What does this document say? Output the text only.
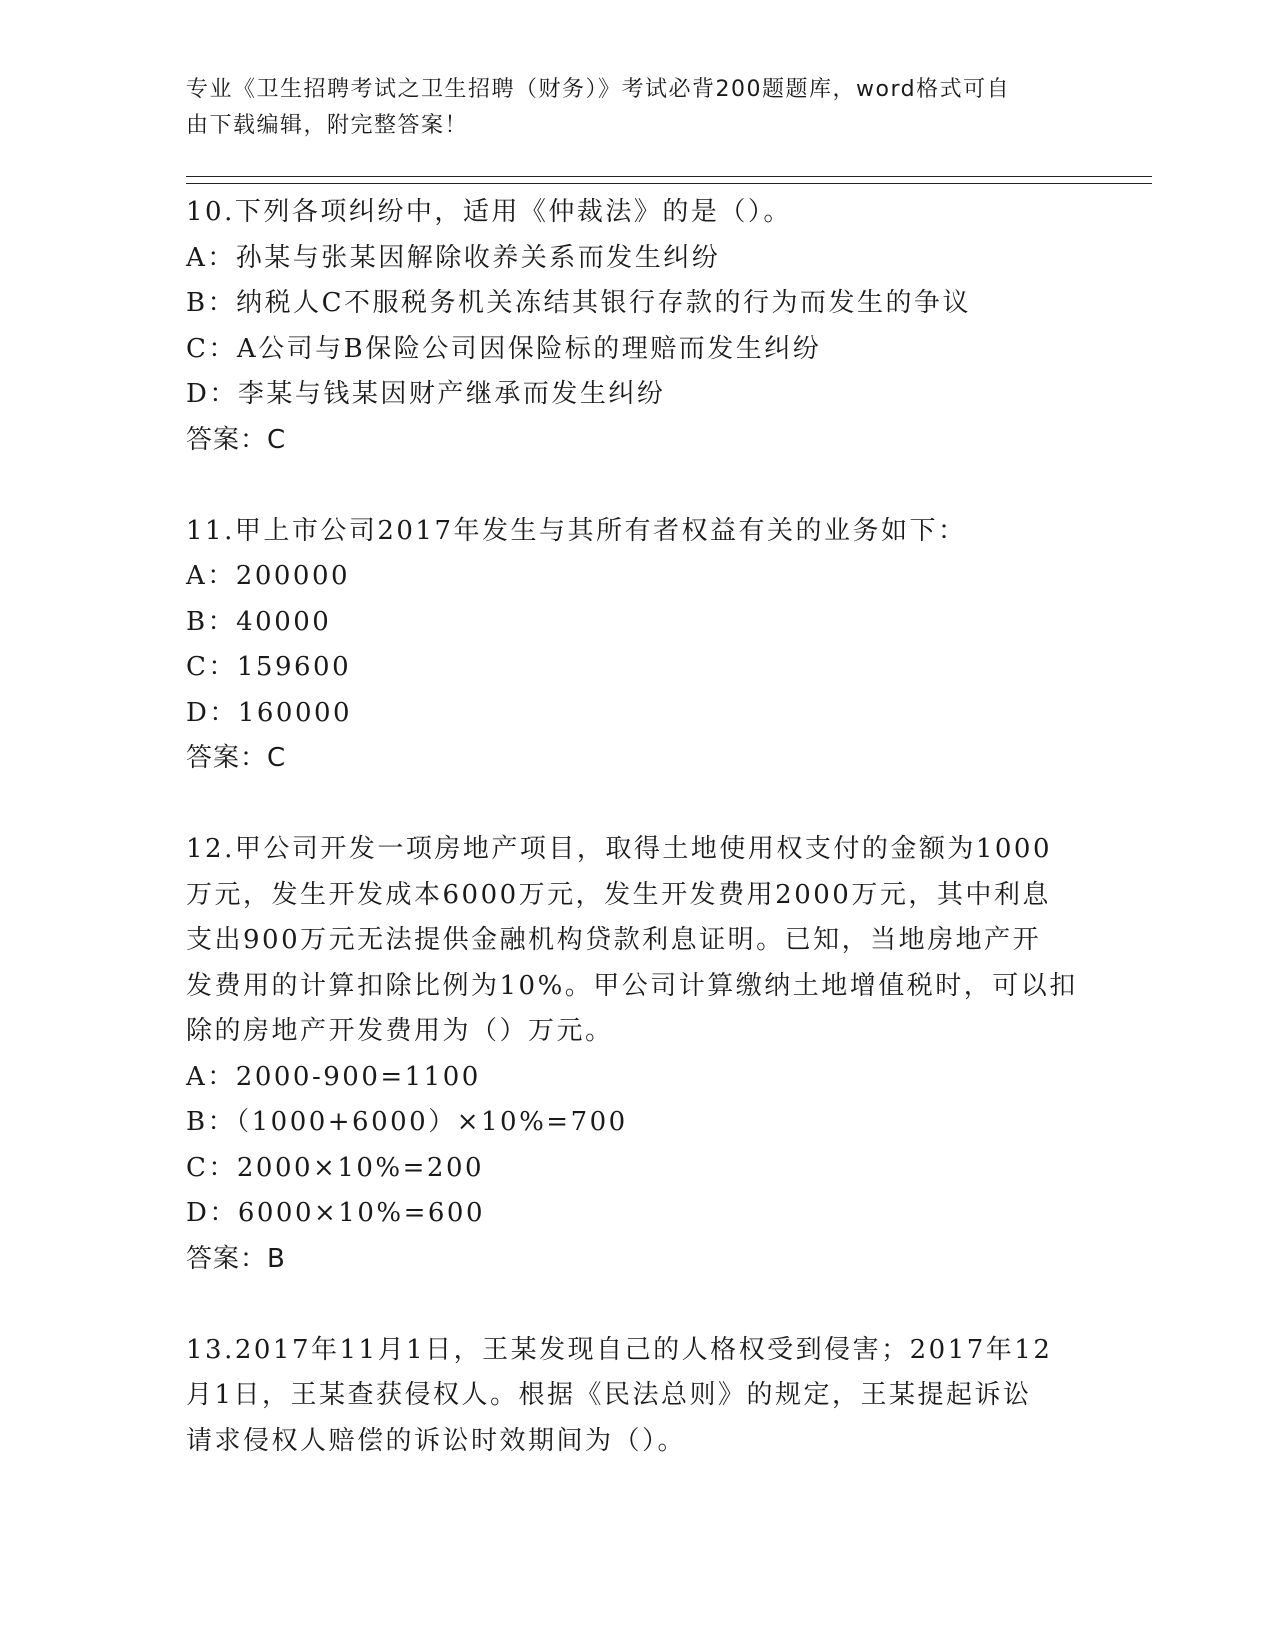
专业《卫生招聘考试之卫生招聘（财务）》考试必背200题题库，word格式可自
由下载编辑，附完整答案！
10.下列各项纠纷中，适用《仲裁法》的是（）。
A：孙某与张某因解除收养关系而发生纠纷
B：纳税人C不服税务机关冻结其银行存款的行为而发生的争议
C：A公司与B保险公司因保险标的理赔而发生纠纷
D：李某与钱某因财产继承而发生纠纷
答案：C
11.甲上市公司2017年发生与其所有者权益有关的业务如下：
A：200000
B：40000
C：159600
D：160000
答案：C
12.甲公司开发一项房地产项目，取得土地使用权支付的金额为1000
万元，发生开发成本6000万元，发生开发费用2000万元，其中利息
支出900万元无法提供金融机构贷款利息证明。已知，当地房地产开
发费用的计算扣除比例为10%。甲公司计算缴纳土地增值税时，可以扣
除的房地产开发费用为（）万元。
A：2000-900=1100
B：（1000+6000）×10%=700
C：2000×10%=200
D：6000×10%=600
答案：B
13.2017年11月1日，王某发现自己的人格权受到侵害；2017年12
月1日，王某查获侵权人。根据《民法总则》的规定，王某提起诉讼
请求侵权人赔偿的诉讼时效期间为（）。
